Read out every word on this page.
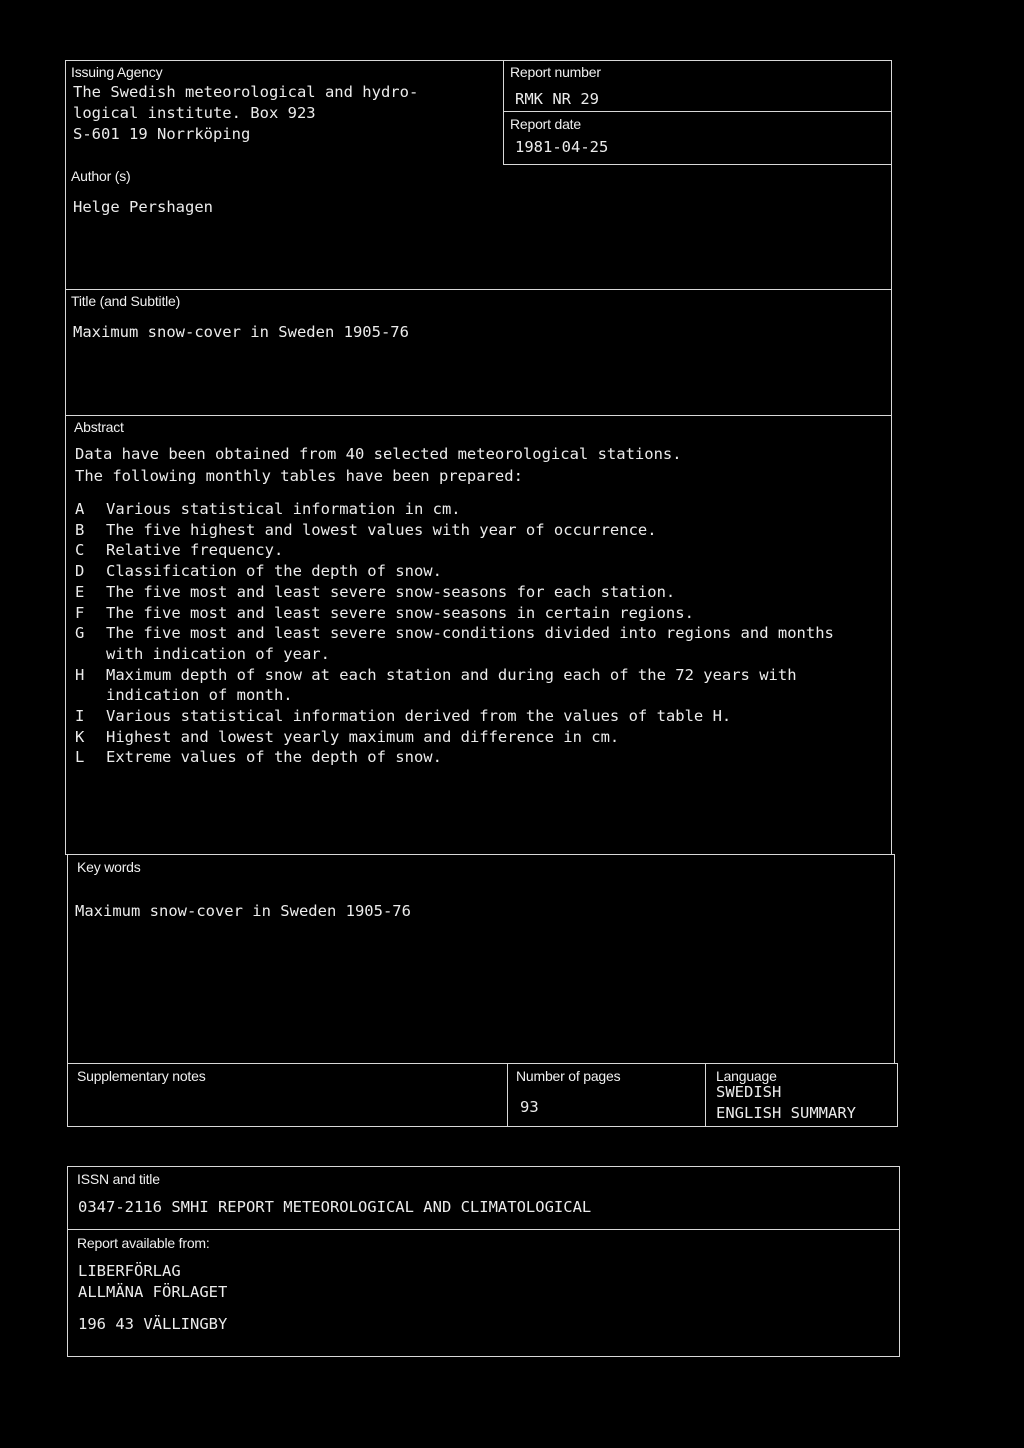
Issuing Agency
The Swedish meteorological and hydro-
logical institute. Box 923
S-601 19 Norrköping
Report number
RMK NR 29
Report date
1981-04-25
Author (s)
Helge Pershagen
Title (and Subtitle)
Maximum snow-cover in Sweden 1905-76
Abstract
Data have been obtained from 40 selected meteorological stations.
The following monthly tables have been prepared:
A	Various statistical information in cm.
B	The five highest and lowest values with year of occurrence.
C	Relative frequency.
D	Classification of the depth of snow.
E	The five most and least severe snow-seasons for each station.
F	The five most and least severe snow-seasons in certain regions.
G	The five most and least severe snow-conditions divided into regions and months with indication of year.
H	Maximum depth of snow at each station and during each of the 72 years with indication of month.
I	Various statistical information derived from the values of table H.
K	Highest and lowest yearly maximum and difference in cm.
L	Extreme values of the depth of snow.
Key words
Maximum snow-cover in Sweden 1905-76
Supplementary notes	Number of pages
93
Language
SWEDISH
ENGLISH SUMMARY
ISSN and title
0347-2116 SMHI REPORT METEOROLOGICAL AND CLIMATOLOGICAL
Report available from:
LIBERFÖRLAG
ALLMÄNA FÖRLAGET
196 43 VÄLLINGBY
